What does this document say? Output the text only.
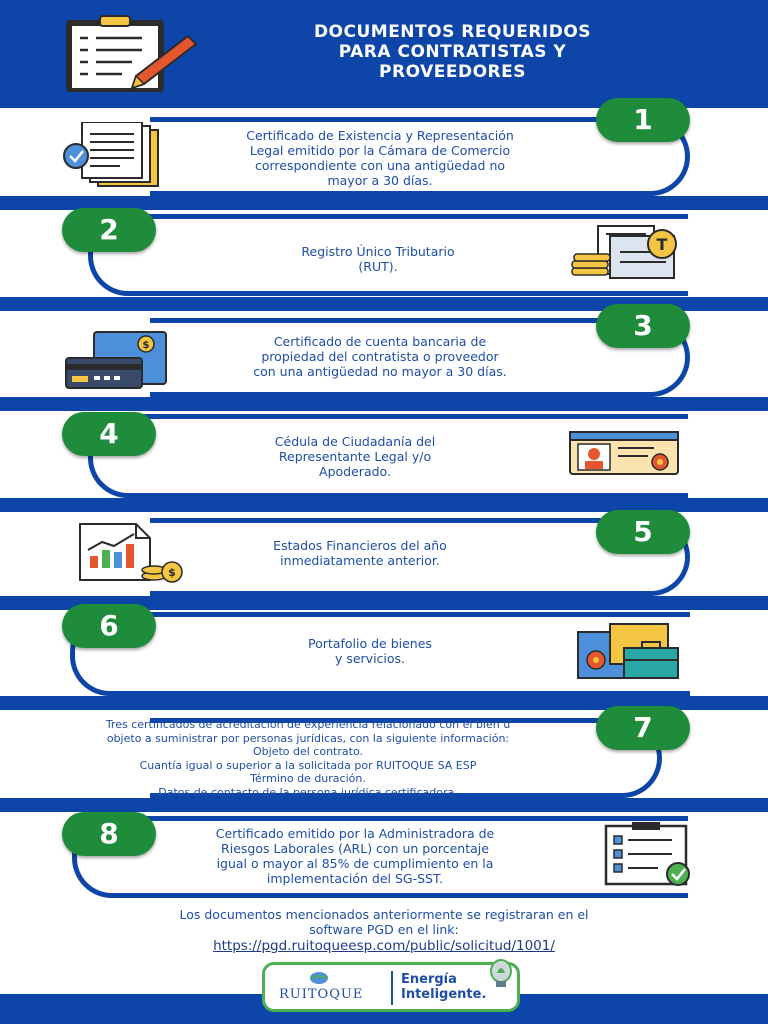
DOCUMENTOS REQUERIDOS
PARA CONTRATISTAS Y
PROVEEDORES
1
2
3
4
5
6
7
8
Certificado de Existencia y Representación
Legal emitido por la Cámara de Comercio
correspondiente con una antigüedad no
mayor a 30 días.
Registro Único Tributario
(RUT).
Certificado de cuenta bancaria de
propiedad del contratista o proveedor
con una antigüedad no mayor a 30 días.
Cédula de Ciudadanía del
Representante Legal y/o
Apoderado.
Estados Financieros del año
inmediatamente anterior.
Portafolio de bienes
y servicios.
Tres certificados de acreditación de experiencia relacionado con el bien u
objeto a suministrar por personas jurídicas, con la siguiente información:
Objeto del contrato.
Cuantía igual o superior a la solicitada por RUITOQUE SA ESP
Término de duración.
Datos de contacto de la persona jurídica certificadora.
Certificado emitido por la Administradora de
Riesgos Laborales (ARL) con un porcentaje
igual o mayor al 85% de cumplimiento en la
implementación del SG-SST.
T
$
$
Los documentos mencionados anteriormente se registraran en el
software PGD en el link:
https://pgd.ruitoqueesp.com/public/solicitud/1001/
RUITOQUE
Energía
Inteligente.
